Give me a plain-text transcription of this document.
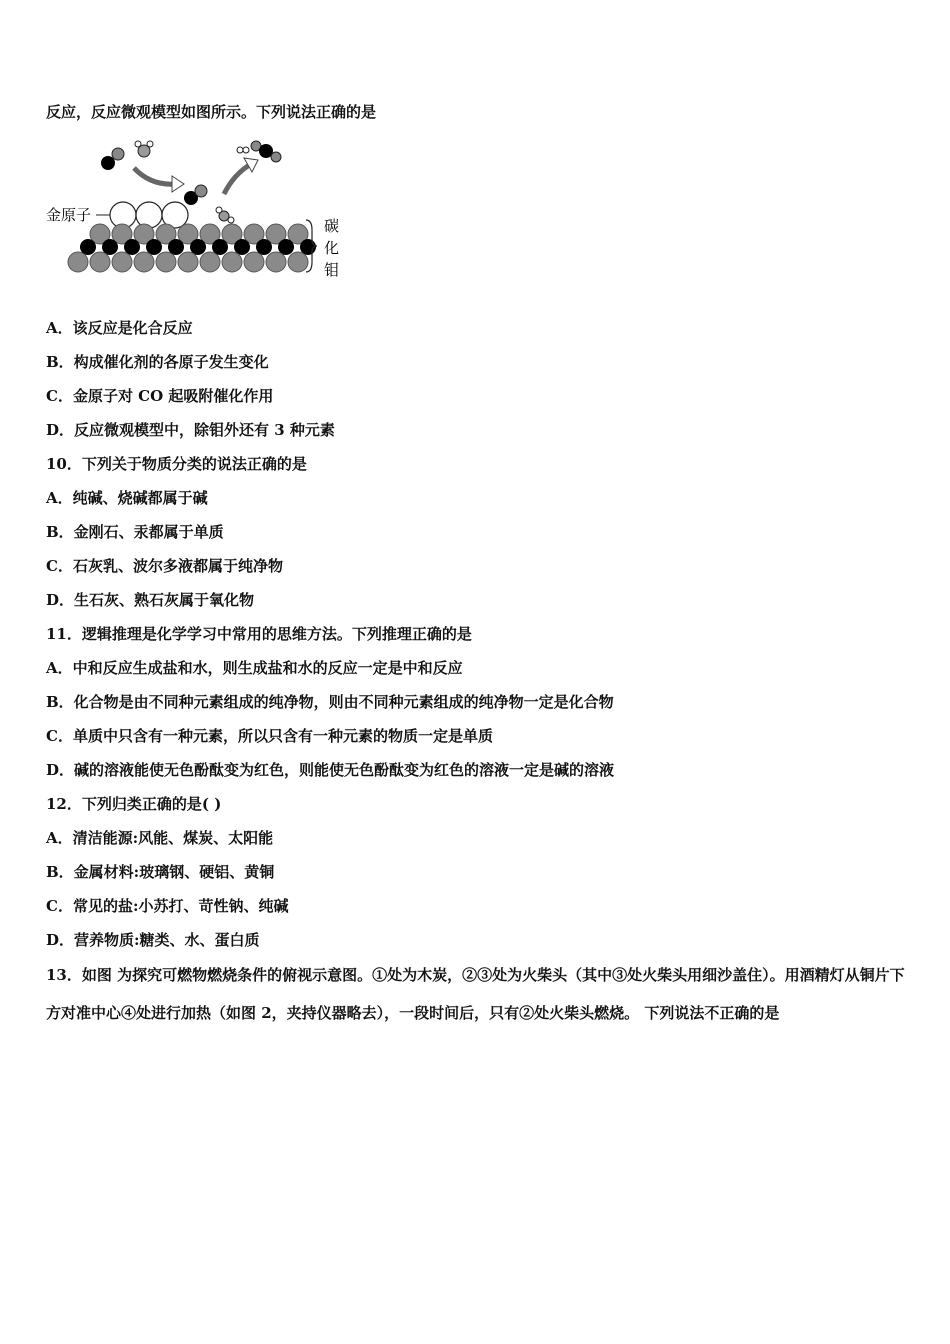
反应，反应微观模型如图所示。下列说法正确的是
金原子
碳
化
钼
A．该反应是化合反应
B．构成催化剂的各原子发生变化
C．金原子对 CO 起吸附催化作用
D．反应微观模型中，除钼外还有 3 种元素
10．下列关于物质分类的说法正确的是
A．纯碱、烧碱都属于碱
B．金刚石、汞都属于单质
C．石灰乳、波尔多液都属于纯净物
D．生石灰、熟石灰属于氧化物
11．逻辑推理是化学学习中常用的思维方法。下列推理正确的是
A．中和反应生成盐和水，则生成盐和水的反应一定是中和反应
B．化合物是由不同种元素组成的纯净物，则由不同种元素组成的纯净物一定是化合物
C．单质中只含有一种元素，所以只含有一种元素的物质一定是单质
D．碱的溶液能使无色酚酞变为红色，则能使无色酚酞变为红色的溶液一定是碱的溶液
12．下列归类正确的是( )
A．清洁能源:风能、煤炭、太阳能
B．金属材料:玻璃钢、硬铝、黄铜
C．常见的盐:小苏打、苛性钠、纯碱
D．营养物质:糖类、水、蛋白质
13．如图 为探究可燃物燃烧条件的俯视示意图。①处为木炭，②③处为火柴头（其中③处火柴头用细沙盖住）。用酒精灯从铜片下方对准中心④处进行加热（如图 2，夹持仪器略去），一段时间后，只有②处火柴头燃烧。 下列说法不正确的是
